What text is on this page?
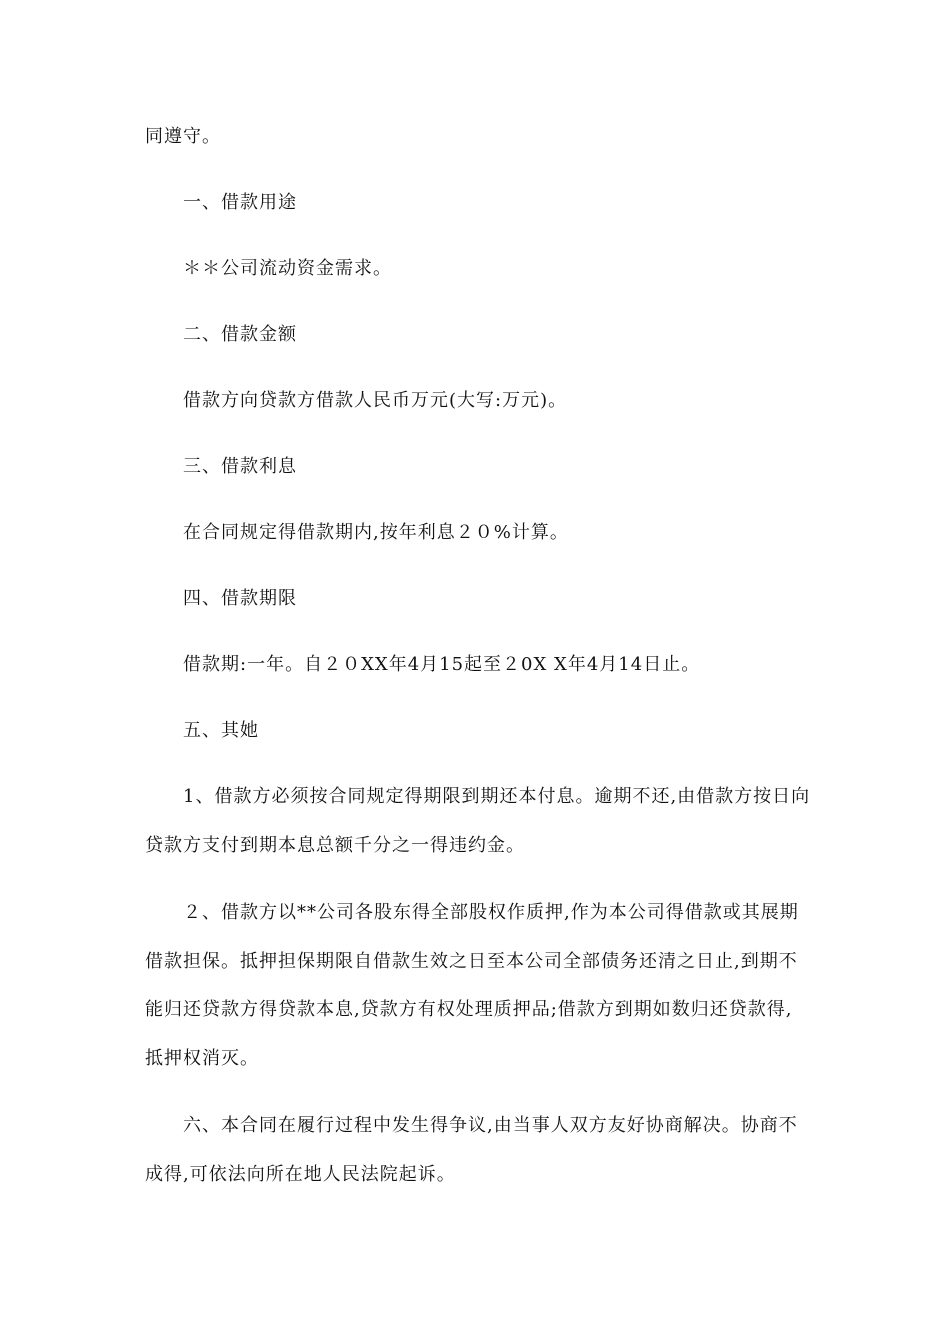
同遵守。
一、借款用途
＊＊公司流动资金需求。
二、借款金额
借款方向贷款方借款人民币万元(大写:万元)。
三、借款利息
在合同规定得借款期内,按年利息２０%计算。
四、借款期限
借款期:一年。自２０XX年4月15起至２0X X年4月14日止。
五、其她
1、借款方必须按合同规定得期限到期还本付息。逾期不还,由借款方按日向
贷款方支付到期本息总额千分之一得违约金。
２、借款方以**公司各股东得全部股权作质押,作为本公司得借款或其展期
借款担保。抵押担保期限自借款生效之日至本公司全部债务还清之日止,到期不
能归还贷款方得贷款本息,贷款方有权处理质押品;借款方到期如数归还贷款得,
抵押权消灭。
六、本合同在履行过程中发生得争议,由当事人双方友好协商解决。协商不
成得,可依法向所在地人民法院起诉。
